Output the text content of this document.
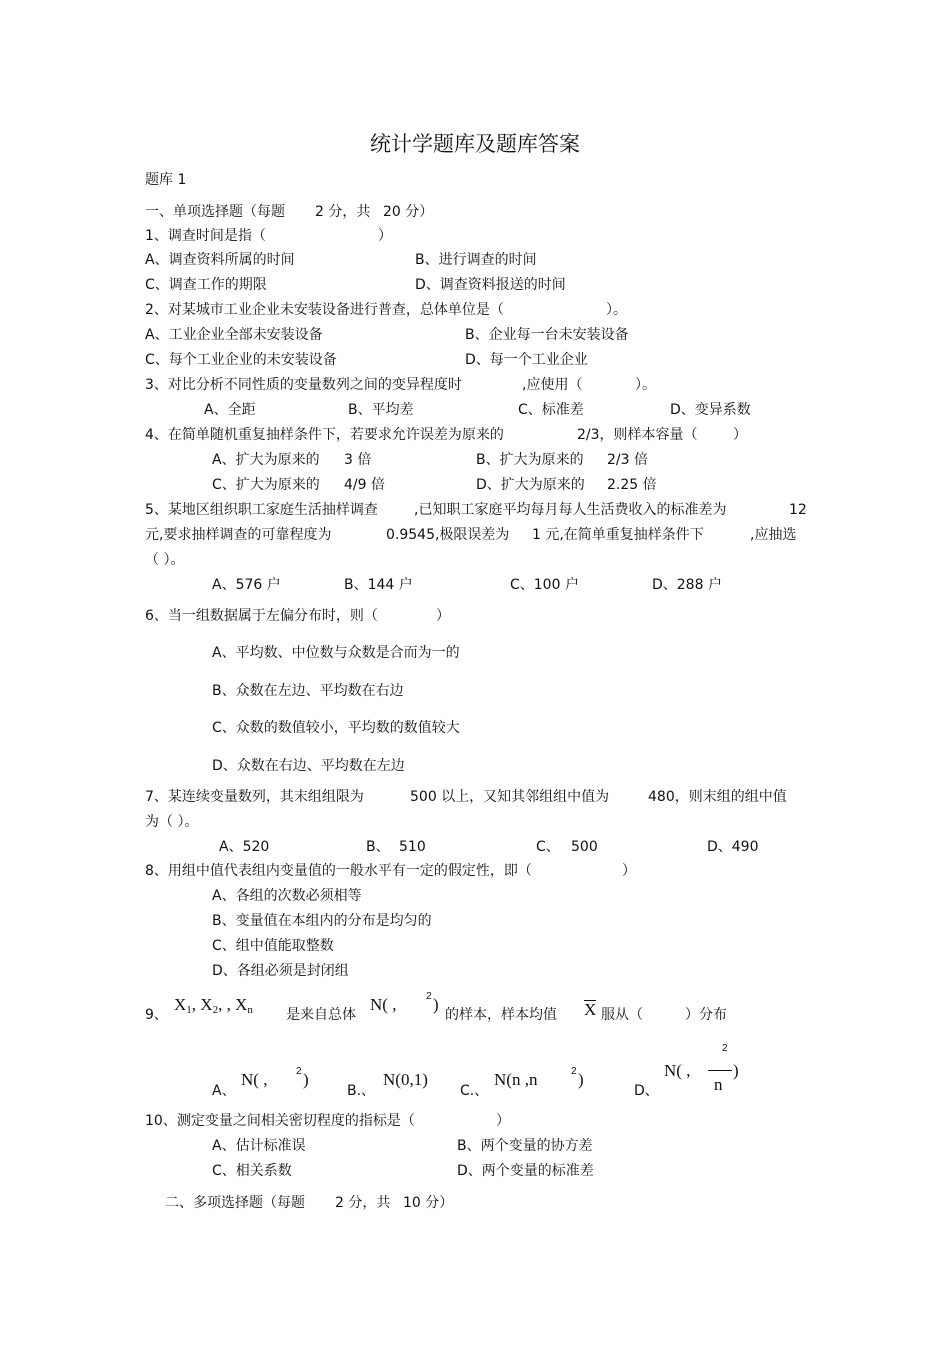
统计学题库及题库答案
题库 1
一、单项选择题（每题 2 分，共 20 分）
1、调查时间是指（	）
A、调查资料所属的时间	B、进行调查的时间
C、调查工作的期限	D、调查资料报送的时间
2、对某城市工业企业未安装设备进行普查，总体单位是（	）。
A、工业企业全部未安装设备	B、企业每一台未安装设备
C、每个工业企业的未安装设备	D、每一个工业企业
3、对比分析不同性质的变量数列之间的变异程度时	,应使用（	）。
A、全距	B、平均差	C、标准差	D、变异系数
4、在简单随机重复抽样条件下，若要求允许误差为原来的	2/3，则样本容量（	）
A、扩大为原来的 3 倍	B、扩大为原来的 2/3 倍
C、扩大为原来的 4/9 倍	D、扩大为原来的 2.25 倍
5、某地区组织职工家庭生活抽样调查	,已知职工家庭平均每月每人生活费收入的标准差为	12
元,要求抽样调查的可靠程度为	0.9545,极限误差为 1 元,在简单重复抽样条件下	,应抽选
（ ）。
A、576 户	B、144 户	C、100 户	D、288 户
6、当一组数据属于左偏分布时，则（	）
A、平均数、中位数与众数是合而为一的
B、众数在左边、平均数在右边
C、众数的数值较小，平均数的数值较大
D、众数在右边、平均数在左边
7、某连续变量数列，其末组组限为	500 以上，又知其邻组组中值为	480，则末组的组中值
为（ ）。
A、520	B、 510	C、 500	D、490
8、用组中值代表组内变量值的一般水平有一定的假定性，即（	）
A、各组的次数必须相等
B、变量值在本组内的分布是均匀的
C、组中值能取整数
D、各组必须是封闭组
9、
X1, X2, , Xn 是来自总体
N( ,	2 )
的样本，样本均值 X 服从（	）分布
A、
N( ,	2 )
B.、
N(0,1)
C.、
N(n ,n	2 )
D、
N( ,
2
n
)
10、测定变量之间相关密切程度的指标是（	）
A、估计标准误	B、两个变量的协方差
C、相关系数	D、两个变量的标准差
二、多项选择题（每题 2 分，共 10 分）
